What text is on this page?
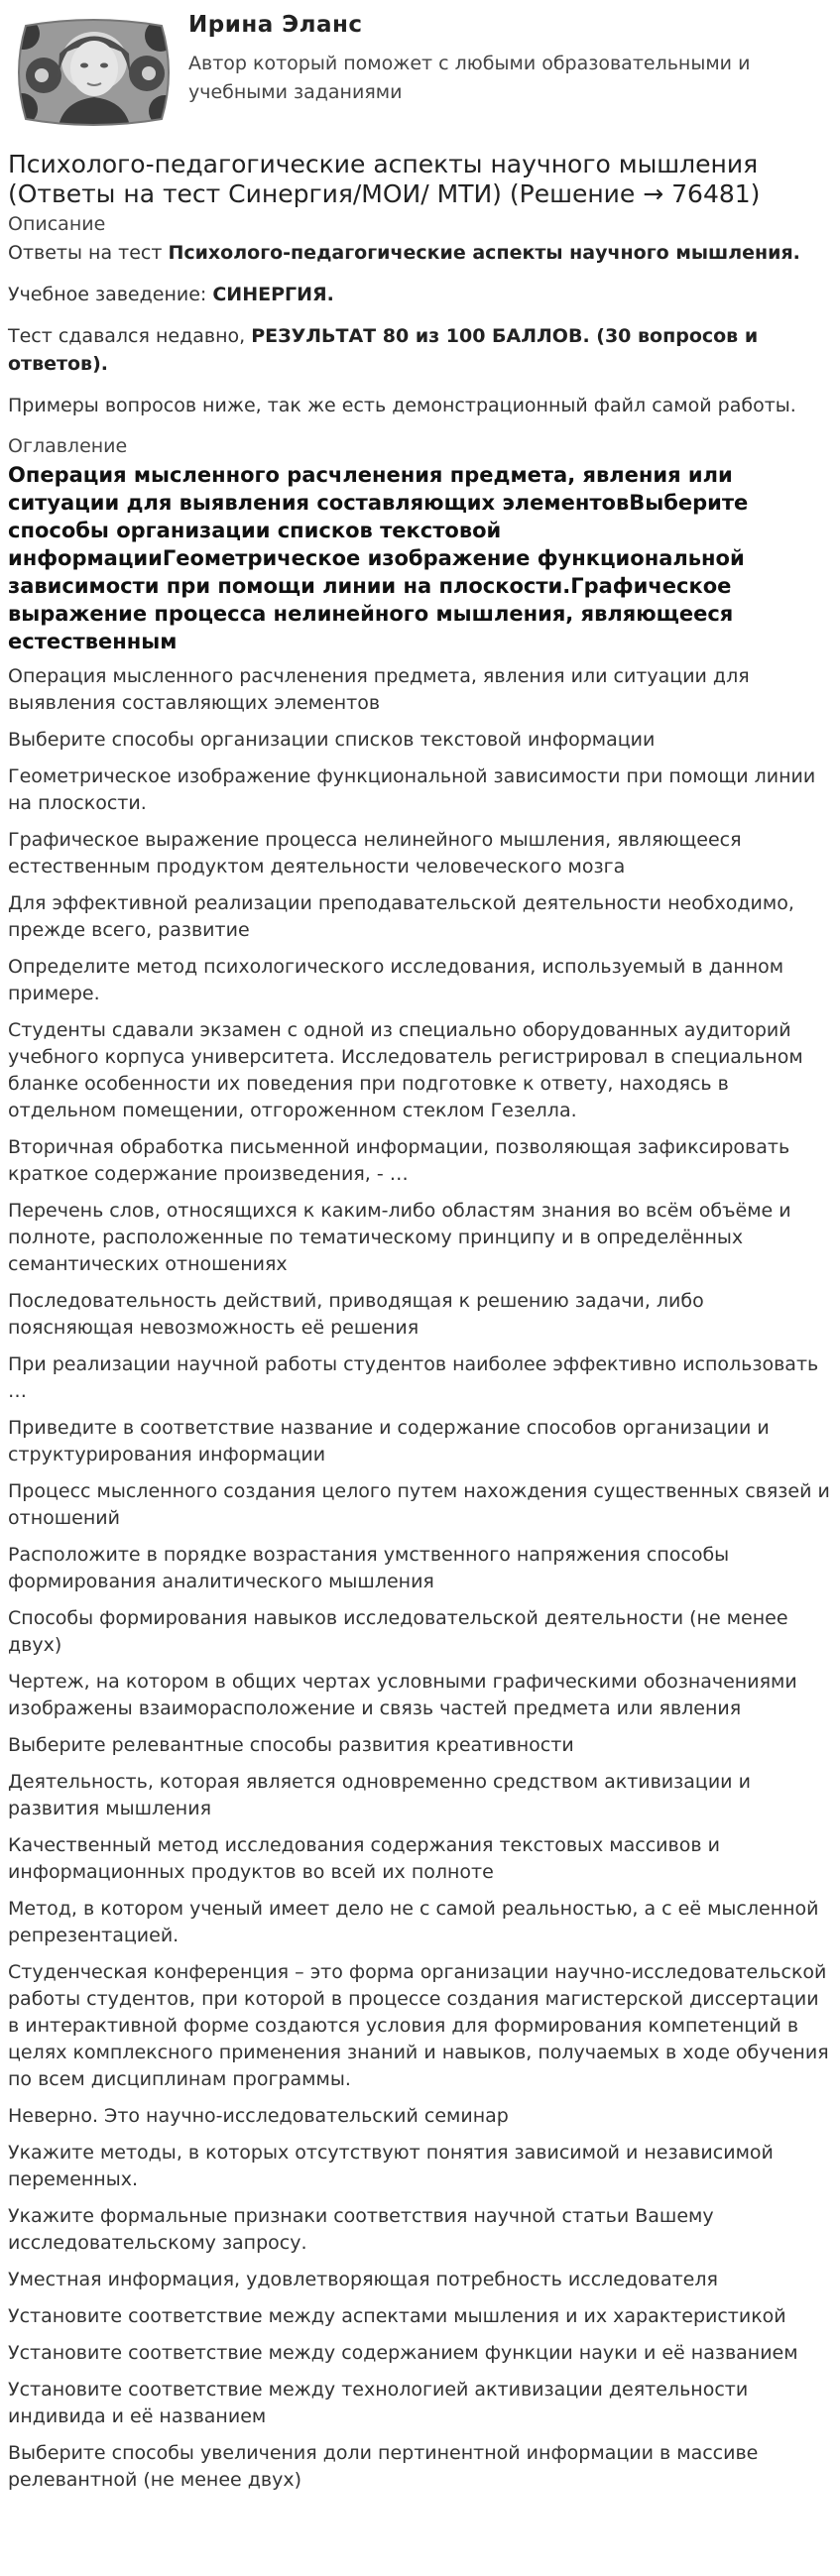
Ирина Эланс
Автор который поможет с любыми образовательными и учебными заданиями
Психолого-педагогические аспекты научного мышления (Ответы на тест Синергия/МОИ/ МТИ) (Решение → 76481)
Описание
Ответы на тест Психолого-педагогические аспекты научного мышления.
Учебное заведение: СИНЕРГИЯ.
Тест сдавался недавно, РЕЗУЛЬТАТ 80 из 100 БАЛЛОВ. (30 вопросов и ответов).
Примеры вопросов ниже, так же есть демонстрационный файл самой работы.
Оглавление
Операция мысленного расчленения предмета, явления или ситуации для выявления составляющих элементовВыберите способы организации списков текстовой информацииГеометрическое изображение функциональной зависимости при помощи линии на плоскости.Графическое выражение процесса нелинейного мышления, являющееся естественным
Операция мысленного расчленения предмета, явления или ситуации для выявления составляющих элементов
Выберите способы организации списков текстовой информации
Геометрическое изображение функциональной зависимости при помощи линии на плоскости.
Графическое выражение процесса нелинейного мышления, являющееся естественным продуктом деятельности человеческого мозга
Для эффективной реализации преподавательской деятельности необходимо, прежде всего, развитие
Определите метод психологического исследования, используемый в данном примере.
Студенты сдавали экзамен с одной из специально оборудованных аудиторий учебного корпуса университета. Исследователь регистрировал в специальном бланке особенности их поведения при подготовке к ответу, находясь в отдельном помещении, отгороженном стеклом Гезелла.
Вторичная обработка письменной информации, позволяющая зафиксировать краткое содержание произведения, - …
Перечень слов, относящихся к каким-либо областям знания во всём объёме и полноте, расположенные по тематическому принципу и в определённых семантических отношениях
Последовательность действий, приводящая к решению задачи, либо поясняющая невозможность её решения
При реализации научной работы студентов наиболее эффективно использовать …
Приведите в соответствие название и содержание способов организации и структурирования информации
Процесс мысленного создания целого путем нахождения существенных связей и отношений
Расположите в порядке возрастания умственного напряжения способы формирования аналитического мышления
Способы формирования навыков исследовательской деятельности (не менее двух)
Чертеж, на котором в общих чертах условными графическими обозначениями изображены взаиморасположение и связь частей предмета или явления
Выберите релевантные способы развития креативности
Деятельность, которая является одновременно средством активизации и развития мышления
Качественный метод исследования содержания текстовых массивов и информационных продуктов во всей их полноте
Метод, в котором ученый имеет дело не с самой реальностью, а с её мысленной репрезентацией.
Студенческая конференция – это форма организации научно-исследовательской работы студентов, при которой в процессе создания магистерской диссертации в интерактивной форме создаются условия для формирования компетенций в целях комплексного применения знаний и навыков, получаемых в ходе обучения по всем дисциплинам программы.
Неверно. Это научно-исследовательский семинар
Укажите методы, в которых отсутствуют понятия зависимой и независимой переменных.
Укажите формальные признаки соответствия научной статьи Вашему исследовательскому запросу.
Уместная информация, удовлетворяющая потребность исследователя
Установите соответствие между аспектами мышления и их характеристикой
Установите соответствие между содержанием функции науки и её названием
Установите соответствие между технологией активизации деятельности индивида и её названием
Выберите способы увеличения доли пертинентной информации в массиве релевантной (не менее двух)
